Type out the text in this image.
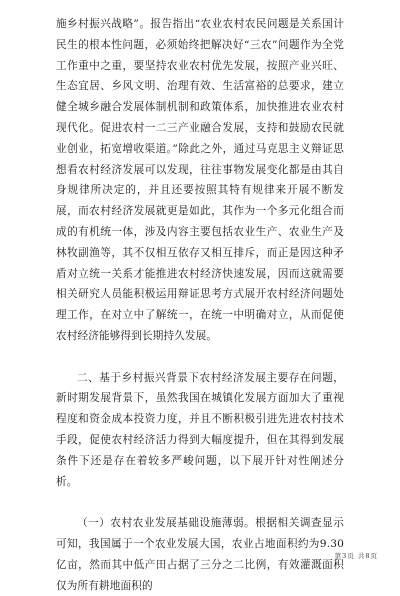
施乡村振兴战略”。报告指出“农业农村农民问题是关系国计民生的根本性问题，必须始终把解决好“三农”问题作为全党工作重中之重，要坚持农业农村优先发展，按照产业兴旺、生态宜居、乡风文明、治理有效、生活富裕的总要求，建立健全城乡融合发展体制机制和政策体系，加快推进农业农村现代化。促进农村一二三产业融合发展，支持和鼓励农民就业创业，拓宽增收渠道。”除此之外，通过马克思主义辩证思想看农村经济发展可以发现，往往事物发展变化都是由其自身规律所决定的，并且还要按照其特有规律来开展不断发展，而农村经济发展就更是如此，其作为一个多元化组合而成的有机统一体，涉及内容主要包括农业生产、农业生产及林牧副渔等，其不仅相互依存又相互排斥，而正是因这种矛盾对立统一关系才能推进农村经济快速发展，因而这就需要相关研究人员能积极运用辩证思考方式展开农村经济问题处理工作，在对立中了解统一，在统一中明确对立，从而促使农村经济能够得到长期持久发展。

二、基于乡村振兴背景下农村经济发展主要存在问题，新时期发展背景下，虽然我国在城镇化发展方面加大了重视程度和资金成本投资力度，并且不断积极引进先进农村技术手段，促使农村经济活力得到大幅度提升，但在其得到发展条件下还是存在着较多严峻问题，以下展开针对性阐述分析。

（一）农村农业发展基础设施薄弱。根据相关调查显示可知，我国属于一个农业发展大国，农业占地面积约为9.30亿亩，然而其中低产田占据了三分之二比例，有效灌溉面积仅为所有耕地面积的

第3页 共8页
